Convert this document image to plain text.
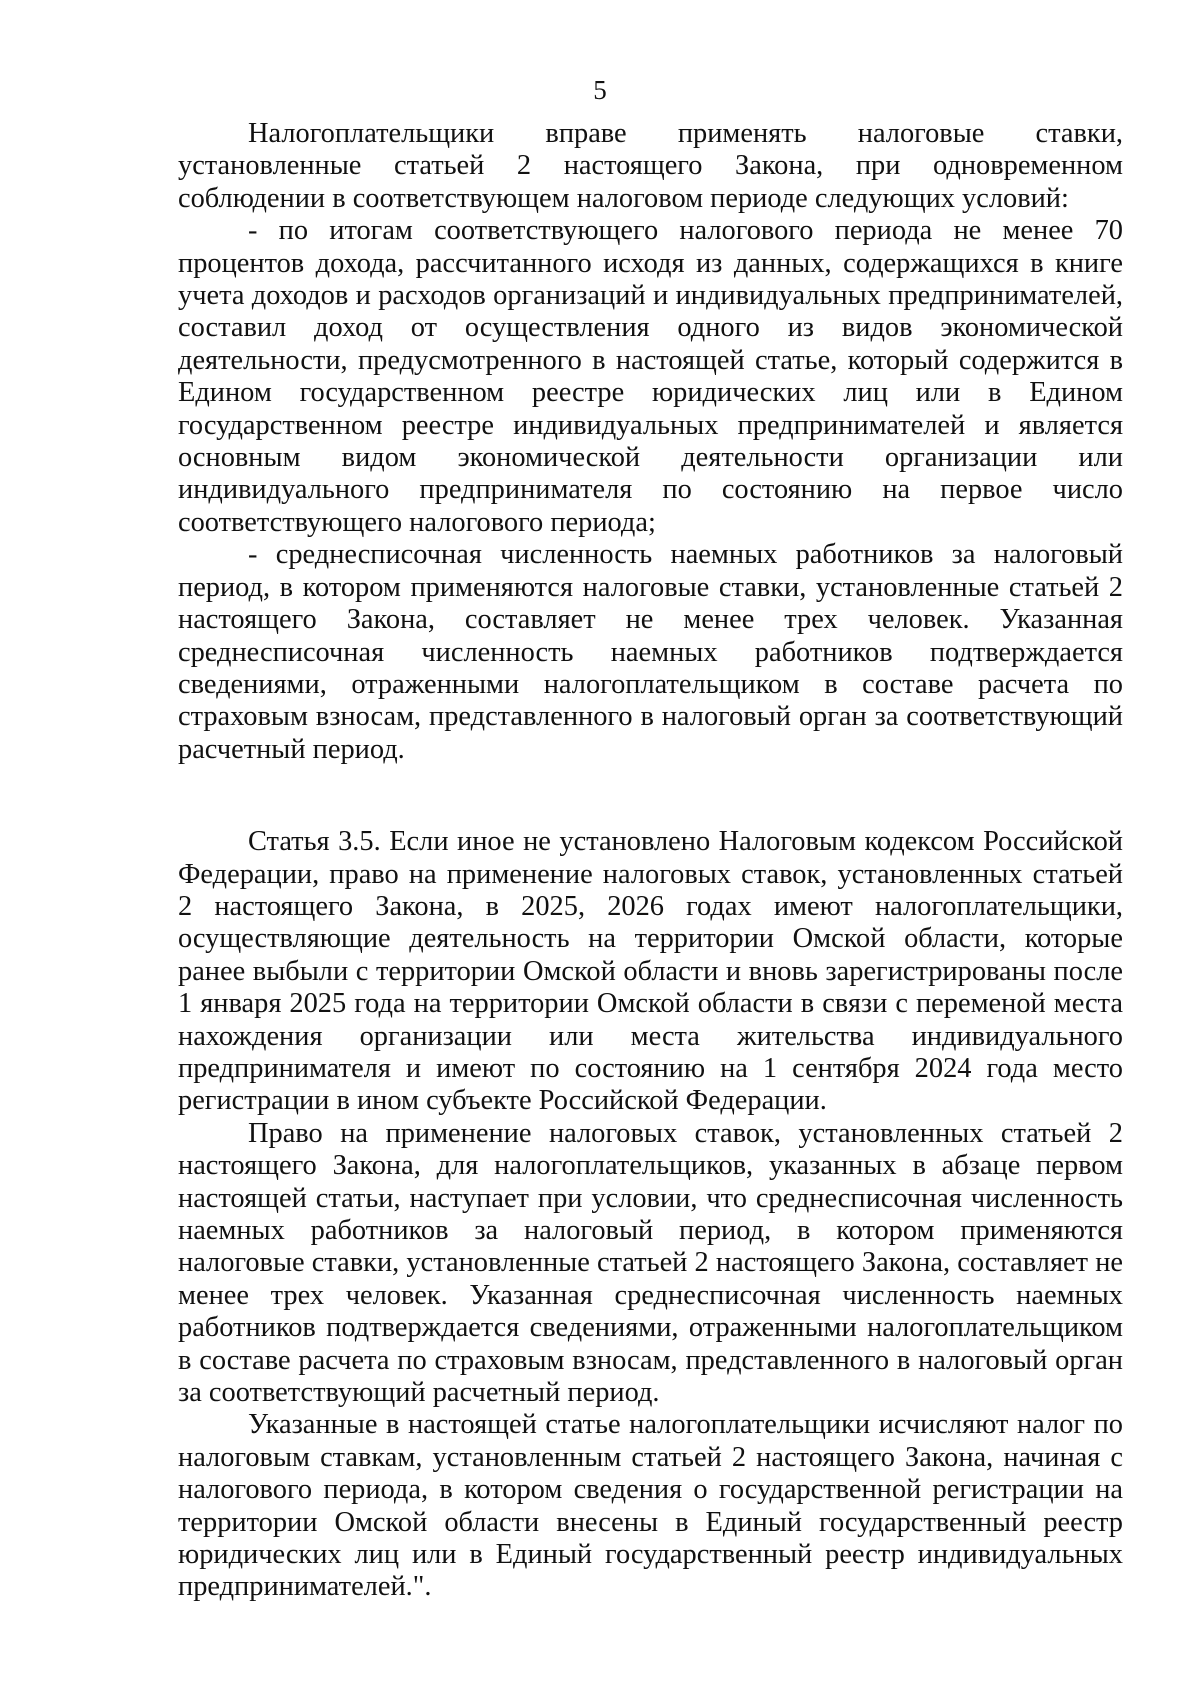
5

Налогоплательщики вправе применять налоговые ставки, установленные статьей 2 настоящего Закона, при одновременном соблюдении в соответствующем налоговом периоде следующих условий:

- по итогам соответствующего налогового периода не менее 70 процентов дохода, рассчитанного исходя из данных, содержащихся в книге учета доходов и расходов организаций и индивидуальных предпринимателей, составил доход от осуществления одного из видов экономической деятельности, предусмотренного в настоящей статье, который содержится в Едином государственном реестре юридических лиц или в Едином государственном реестре индивидуальных предпринимателей и является основным видом экономической деятельности организации или индивидуального предпринимателя по состоянию на первое число соответствующего налогового периода;

- среднесписочная численность наемных работников за налоговый период, в котором применяются налоговые ставки, установленные статьей 2 настоящего Закона, составляет не менее трех человек. Указанная среднесписочная численность наемных работников подтверждается сведениями, отраженными налогоплательщиком в составе расчета по страховым взносам, представленного в налоговый орган за соответствующий расчетный период.

Статья 3.5. Если иное не установлено Налоговым кодексом Российской Федерации, право на применение налоговых ставок, установленных статьей 2 настоящего Закона, в 2025, 2026 годах имеют налогоплательщики, осуществляющие деятельность на территории Омской области, которые ранее выбыли с территории Омской области и вновь зарегистрированы после 1 января 2025 года на территории Омской области в связи с переменой места нахождения организации или места жительства индивидуального предпринимателя и имеют по состоянию на 1 сентября 2024 года место регистрации в ином субъекте Российской Федерации.

Право на применение налоговых ставок, установленных статьей 2 настоящего Закона, для налогоплательщиков, указанных в абзаце первом настоящей статьи, наступает при условии, что среднесписочная численность наемных работников за налоговый период, в котором применяются налоговые ставки, установленные статьей 2 настоящего Закона, составляет не менее трех человек. Указанная среднесписочная численность наемных работников подтверждается сведениями, отраженными налогоплательщиком в составе расчета по страховым взносам, представленного в налоговый орган за соответствующий расчетный период.

Указанные в настоящей статье налогоплательщики исчисляют налог по налоговым ставкам, установленным статьей 2 настоящего Закона, начиная с налогового периода, в котором сведения о государственной регистрации на территории Омской области внесены в Единый государственный реестр юридических лиц или в Единый государственный реестр индивидуальных предпринимателей.".
